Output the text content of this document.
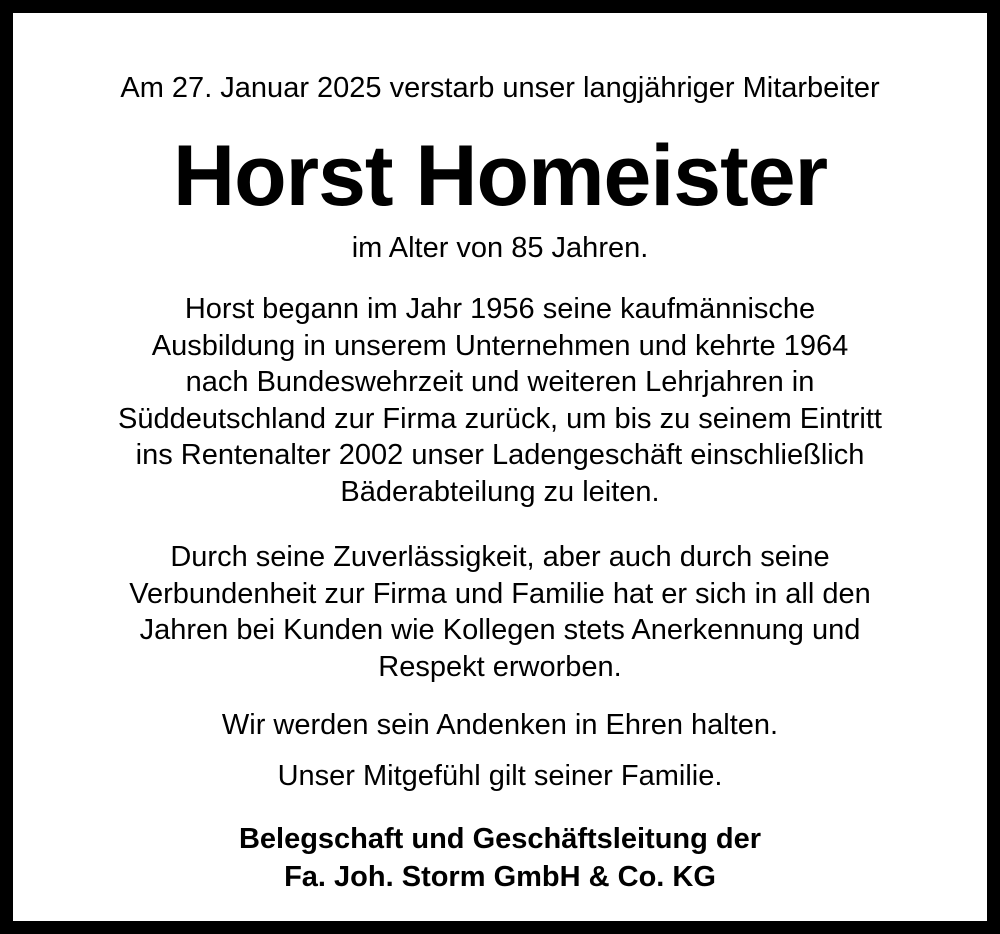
Am 27. Januar 2025 verstarb unser langjähriger Mitarbeiter

Horst Homeister

im Alter von 85 Jahren.

Horst begann im Jahr 1956 seine kaufmännische
Ausbildung in unserem Unternehmen und kehrte 1964
nach Bundeswehrzeit und weiteren Lehrjahren in
Süddeutschland zur Firma zurück, um bis zu seinem Eintritt
ins Rentenalter 2002 unser Ladengeschäft einschließlich
Bäderabteilung zu leiten.

Durch seine Zuverlässigkeit, aber auch durch seine
Verbundenheit zur Firma und Familie hat er sich in all den
Jahren bei Kunden wie Kollegen stets Anerkennung und
Respekt erworben.

Wir werden sein Andenken in Ehren halten.

Unser Mitgefühl gilt seiner Familie.

Belegschaft und Geschäftsleitung der
Fa. Joh. Storm GmbH & Co. KG
